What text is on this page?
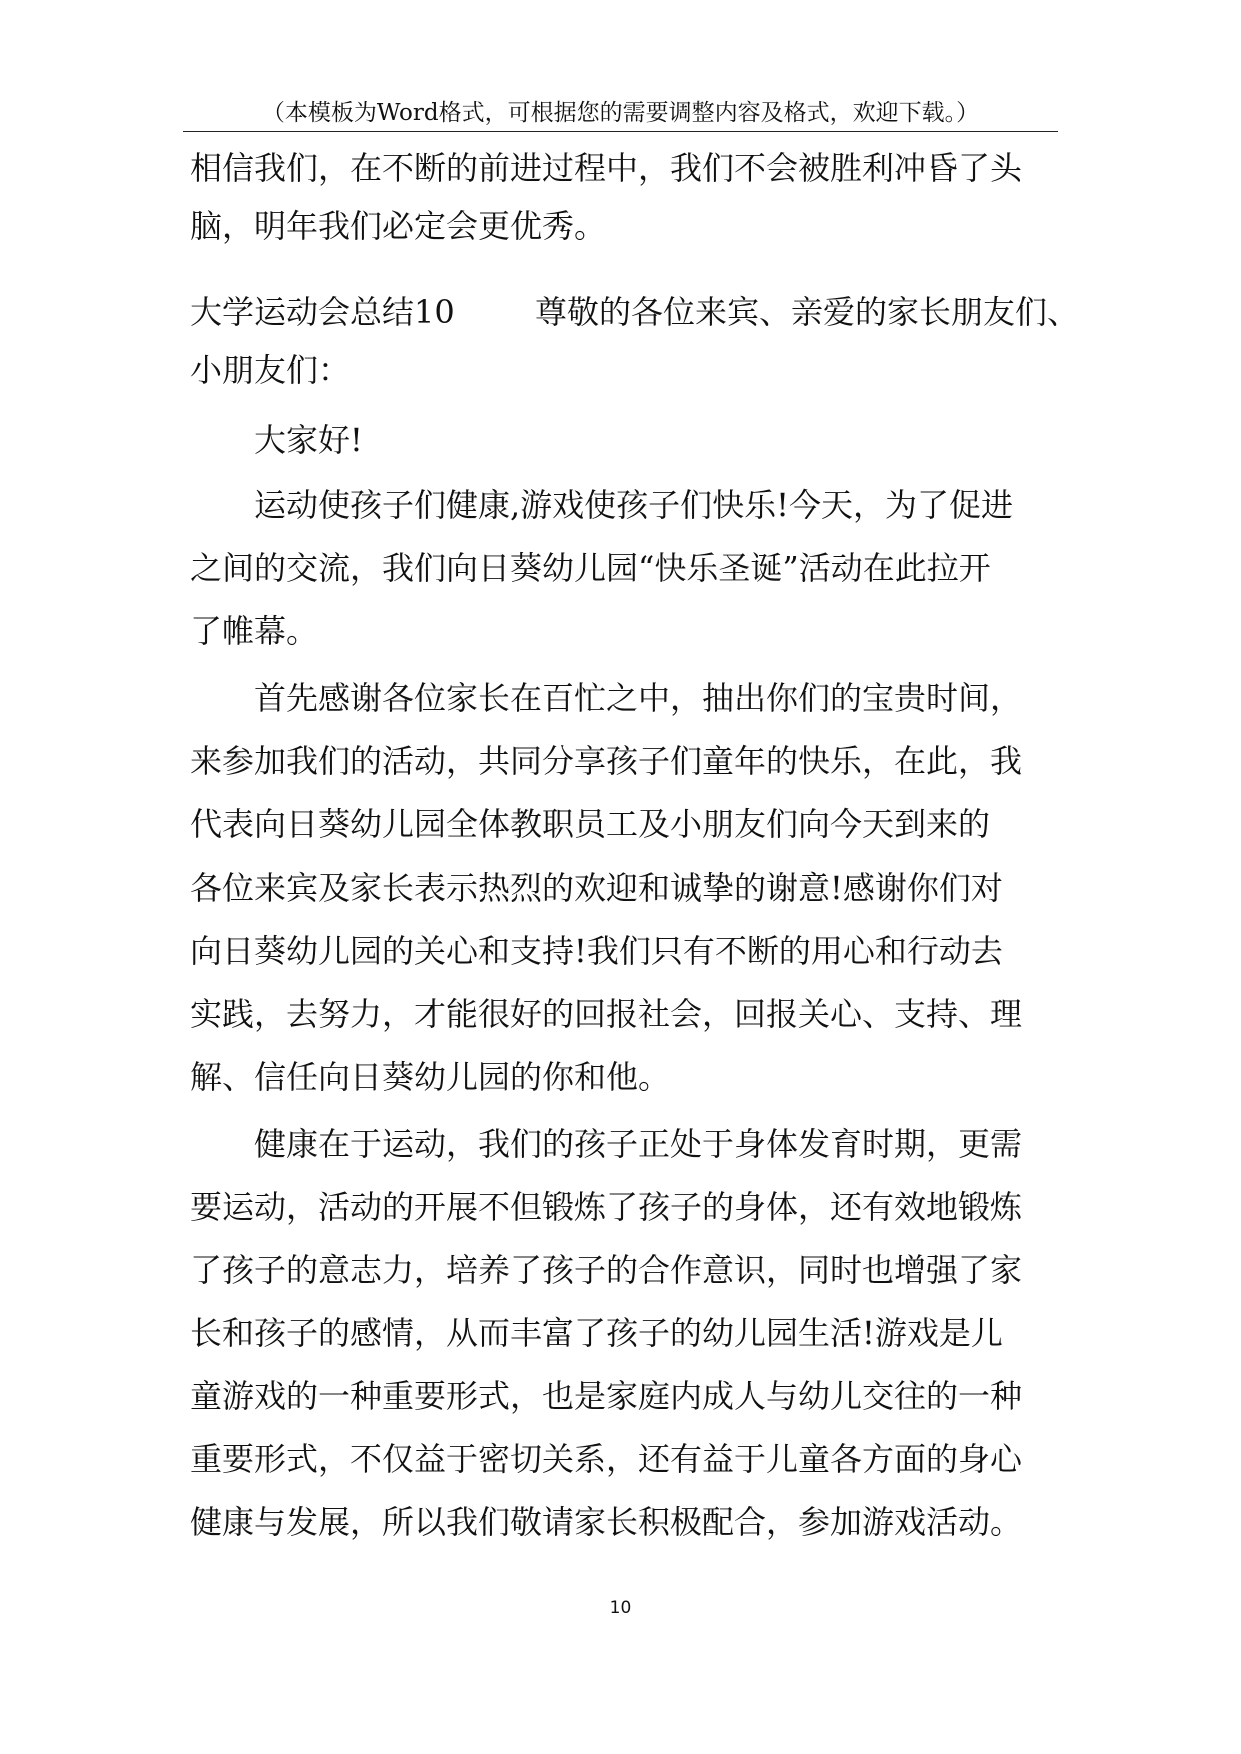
（本模板为Word格式，可根据您的需要调整内容及格式，欢迎下载。）
相信我们，在不断的前进过程中，我们不会被胜利冲昏了头
脑，明年我们必定会更优秀。
大学运动会总结10	尊敬的各位来宾、亲爱的家长朋友们、
小朋友们：
大家好!
运动使孩子们健康,游戏使孩子们快乐!今天，为了促进
之间的交流，我们向日葵幼儿园“快乐圣诞”活动在此拉开
了帷幕。
首先感谢各位家长在百忙之中，抽出你们的宝贵时间，
来参加我们的活动，共同分享孩子们童年的快乐，在此，我
代表向日葵幼儿园全体教职员工及小朋友们向今天到来的
各位来宾及家长表示热烈的欢迎和诚挚的谢意!感谢你们对
向日葵幼儿园的关心和支持!我们只有不断的用心和行动去
实践，去努力，才能很好的回报社会，回报关心、支持、理
解、信任向日葵幼儿园的你和他。
健康在于运动，我们的孩子正处于身体发育时期，更需
要运动，活动的开展不但锻炼了孩子的身体，还有效地锻炼
了孩子的意志力，培养了孩子的合作意识，同时也增强了家
长和孩子的感情，从而丰富了孩子的幼儿园生活!游戏是儿
童游戏的一种重要形式，也是家庭内成人与幼儿交往的一种
重要形式，不仅益于密切关系，还有益于儿童各方面的身心
健康与发展，所以我们敬请家长积极配合，参加游戏活动。
10
